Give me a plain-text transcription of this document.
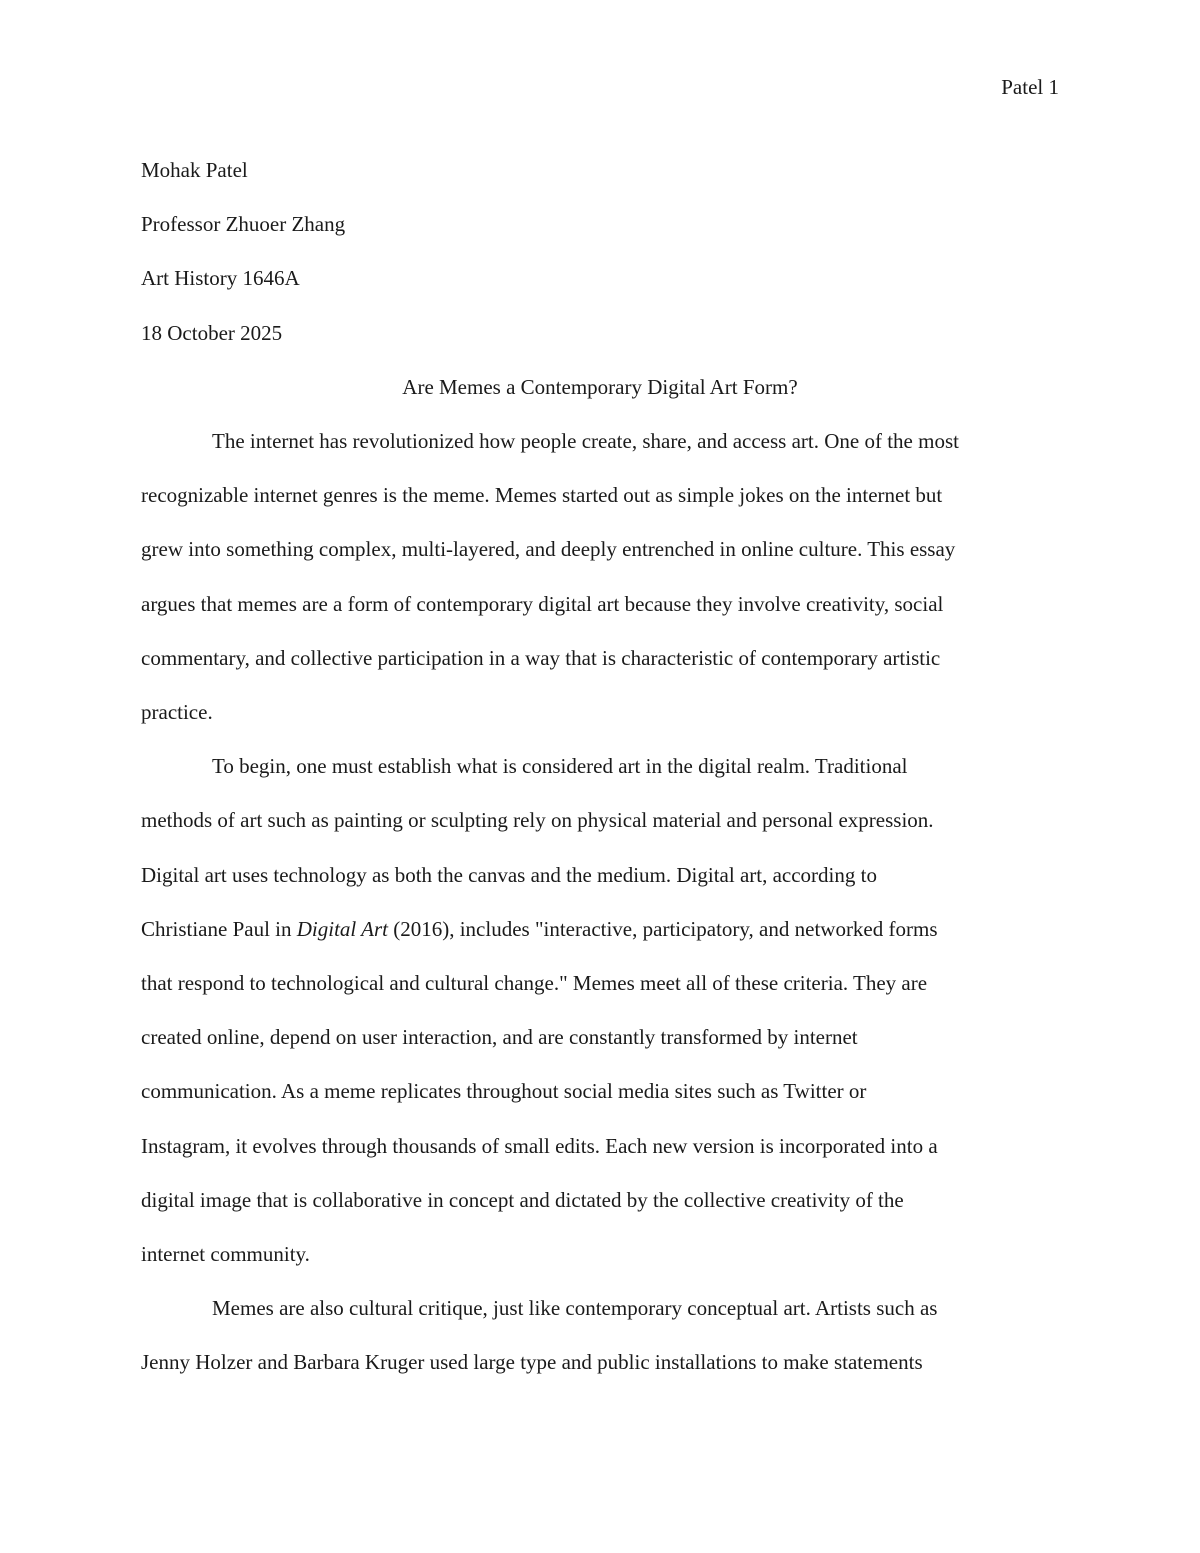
Patel 1

Mohak Patel

Professor Zhuoer Zhang

Art History 1646A

18 October 2025

Are Memes a Contemporary Digital Art Form?

The internet has revolutionized how people create, share, and access art. One of the most

recognizable internet genres is the meme. Memes started out as simple jokes on the internet but

grew into something complex, multi-layered, and deeply entrenched in online culture. This essay

argues that memes are a form of contemporary digital art because they involve creativity, social

commentary, and collective participation in a way that is characteristic of contemporary artistic

practice.

To begin, one must establish what is considered art in the digital realm. Traditional

methods of art such as painting or sculpting rely on physical material and personal expression.

Digital art uses technology as both the canvas and the medium. Digital art, according to

Christiane Paul in Digital Art (2016), includes "interactive, participatory, and networked forms

that respond to technological and cultural change." Memes meet all of these criteria. They are

created online, depend on user interaction, and are constantly transformed by internet

communication. As a meme replicates throughout social media sites such as Twitter or

Instagram, it evolves through thousands of small edits. Each new version is incorporated into a

digital image that is collaborative in concept and dictated by the collective creativity of the

internet community.

Memes are also cultural critique, just like contemporary conceptual art. Artists such as

Jenny Holzer and Barbara Kruger used large type and public installations to make statements
